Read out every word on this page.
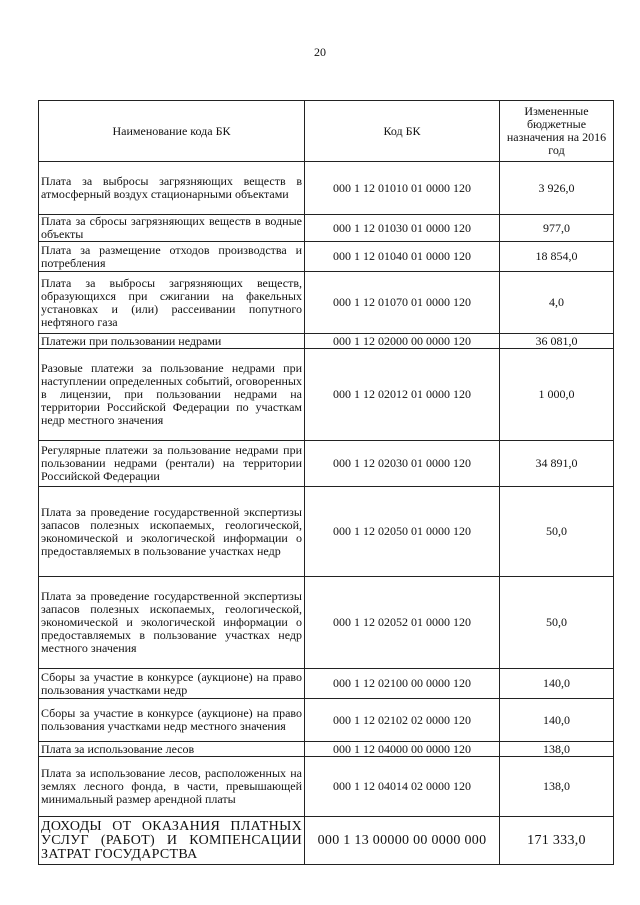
20
Наименование кода БК	Код БК	Измененные бюджетные назначения на 2016 год
Плата за выбросы загрязняющих веществ в атмосферный воздух стационарными объектами	000 1 12 01010 01 0000 120	3 926,0
Плата за сбросы загрязняющих веществ в водные объекты	000 1 12 01030 01 0000 120	977,0
Плата за размещение отходов производства и потребления	000 1 12 01040 01 0000 120	18 854,0
Плата за выбросы загрязняющих веществ, образующихся при сжигании на факельных установках и (или) рассеивании попутного нефтяного газа	000 1 12 01070 01 0000 120	4,0
Платежи при пользовании недрами	000 1 12 02000 00 0000 120	36 081,0
Разовые платежи за пользование недрами при наступлении определенных событий, оговоренных в лицензии, при пользовании недрами на территории Российской Федерации по участкам недр местного значения	000 1 12 02012 01 0000 120	1 000,0
Регулярные платежи за пользование недрами при пользовании недрами (рентали) на территории Российской Федерации	000 1 12 02030 01 0000 120	34 891,0
Плата за проведение государственной экспертизы запасов полезных ископаемых, геологической, экономической и экологической информации о предоставляемых в пользование участках недр	000 1 12 02050 01 0000 120	50,0
Плата за проведение государственной экспертизы запасов полезных ископаемых, геологической, экономической и экологической информации о предоставляемых в пользование участках недр местного значения	000 1 12 02052 01 0000 120	50,0
Сборы за участие в конкурсе (аукционе) на право пользования участками недр	000 1 12 02100 00 0000 120	140,0
Сборы за участие в конкурсе (аукционе) на право пользования участками недр местного значения	000 1 12 02102 02 0000 120	140,0
Плата за использование лесов	000 1 12 04000 00 0000 120	138,0
Плата за использование лесов, расположенных на землях лесного фонда, в части, превышающей минимальный размер арендной платы	000 1 12 04014 02 0000 120	138,0
ДОХОДЫ ОТ ОКАЗАНИЯ ПЛАТНЫХ УСЛУГ (РАБОТ) И КОМПЕНСАЦИИ ЗАТРАТ ГОСУДАРСТВА	000 1 13 00000 00 0000 000	171 333,0
